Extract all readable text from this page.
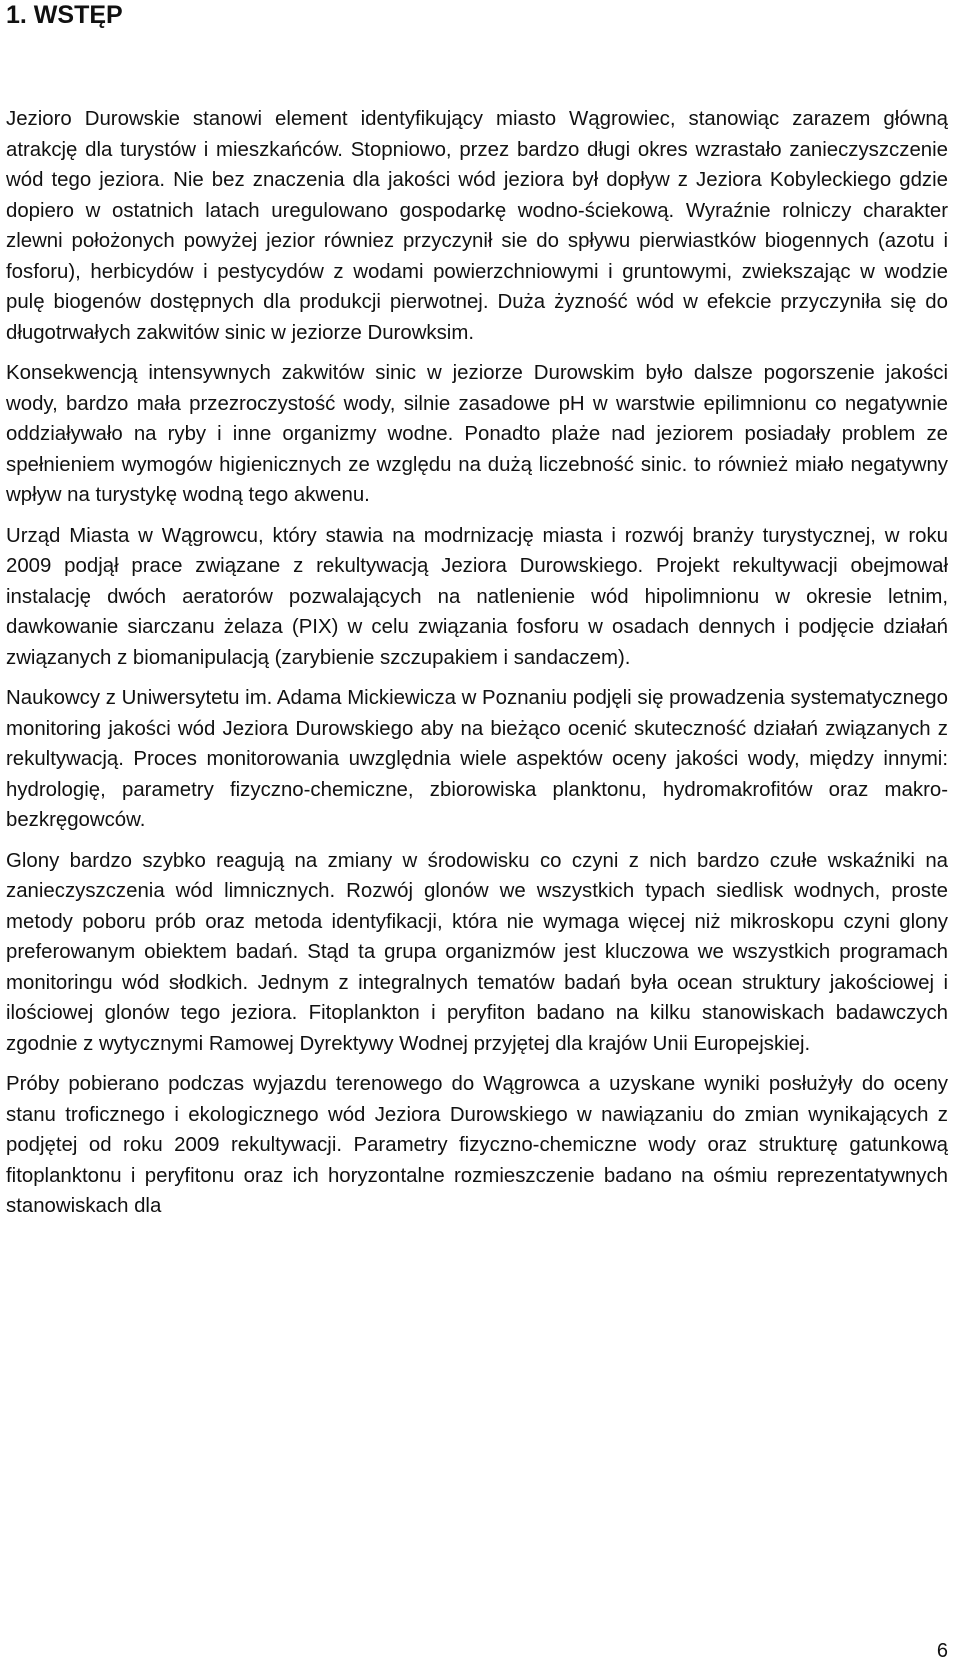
1. WSTĘP

Jezioro Durowskie stanowi element identyfikujący miasto Wągrowiec, stanowiąc zarazem główną atrakcję dla turystów i mieszkańców. Stopniowo, przez bardzo długi okres wzrastało zanieczyszczenie wód tego jeziora. Nie bez znaczenia dla jakości wód jeziora był dopływ z Jeziora Kobyleckiego gdzie dopiero w ostatnich latach uregulowano gospodarkę wodno-ściekową. Wyraźnie rolniczy charakter zlewni położonych powyżej jezior równiez przyczynił sie do spływu pierwiastków biogennych (azotu i fosforu), herbicydów i pestycydów z wodami powierzchniowymi i gruntowymi, zwiekszając w wodzie pulę biogenów dostępnych dla produkcji pierwotnej. Duża żyzność wód w efekcie przyczyniła się do długotrwałych zakwitów sinic w jeziorze Durowksim.

Konsekwencją intensywnych zakwitów sinic w jeziorze Durowskim było dalsze pogorszenie jakości wody, bardzo mała przezroczystość wody, silnie zasadowe pH w warstwie epilimnionu co negatywnie oddziaływało na ryby i inne organizmy wodne. Ponadto plaże nad jeziorem posiadały problem ze spełnieniem wymogów higienicznych ze względu na dużą liczebność sinic. to również miało negatywny wpływ na turystykę wodną tego akwenu.

Urząd Miasta w Wągrowcu, który stawia na modrnizację miasta i rozwój branży turystycznej, w roku 2009 podjął prace związane z rekultywacją Jeziora Durowskiego. Projekt rekultywacji obejmował instalację dwóch aeratorów pozwalających na natlenienie wód hipolimnionu w okresie letnim, dawkowanie siarczanu żelaza (PIX) w celu związania fosforu w osadach dennych i podjęcie działań związanych z biomanipulacją (zarybienie szczupakiem i sandaczem).

Naukowcy z Uniwersytetu im. Adama Mickiewicza w Poznaniu podjęli się prowadzenia systematycznego monitoring jakości wód Jeziora Durowskiego aby na bieżąco ocenić skuteczność działań związanych z rekultywacją. Proces monitorowania uwzględnia wiele aspektów oceny jakości wody, między innymi: hydrologię, parametry fizyczno-chemiczne, zbiorowiska planktonu, hydromakrofitów oraz makro-bezkręgowców.

Glony bardzo szybko reagują na zmiany w środowisku co czyni z nich bardzo czułe wskaźniki na zanieczyszczenia wód limnicznych. Rozwój glonów we wszystkich typach siedlisk wodnych, proste metody poboru prób oraz metoda identyfikacji, która nie wymaga więcej niż mikroskopu czyni glony preferowanym obiektem badań. Stąd ta grupa organizmów jest kluczowa we wszystkich programach monitoringu wód słodkich. Jednym z integralnych tematów badań była ocean struktury jakościowej i ilościowej glonów tego jeziora. Fitoplankton i peryfiton badano na kilku stanowiskach badawczych zgodnie z wytycznymi Ramowej Dyrektywy Wodnej przyjętej dla krajów Unii Europejskiej.

Próby pobierano podczas wyjazdu terenowego do Wągrowca a uzyskane wyniki posłużyły do oceny stanu troficznego i ekologicznego wód Jeziora Durowskiego w nawiązaniu do zmian wynikających z podjętej od roku 2009 rekultywacji. Parametry fizyczno-chemiczne wody oraz strukturę gatunkową fitoplanktonu i peryfitonu oraz ich horyzontalne rozmieszczenie badano na ośmiu reprezentatywnych stanowiskach dla

6
